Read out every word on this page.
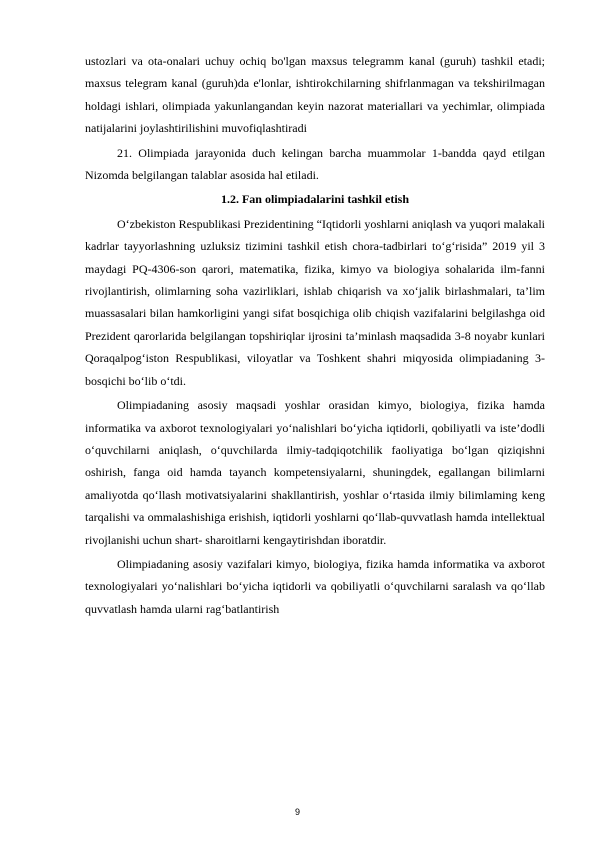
ustozlari va ota-onalari uchuy ochiq bo'lgan maxsus telegramm kanal (guruh) tashkil etadi; maxsus telegram kanal (guruh)da e'lonlar, ishtirokchilarning shifrlanmagan va tekshirilmagan holdagi ishlari, olimpiada yakunlangandan keyin nazorat materiallari va yechimlar, olimpiada natijalarini joylashtirilishini muvofiqlashtiradi

21. Olimpiada jarayonida duch kelingan barcha muammolar 1-bandda qayd etilgan Nizomda belgilangan talablar asosida hal etiladi.

1.2. Fan olimpiadalarini tashkil etish

O‘zbekiston Respublikasi Prezidentining “Iqtidorli yoshlarni aniqlash va yuqori malakali kadrlar tayyorlashning uzluksiz tizimini tashkil etish chora-tadbirlari to‘g‘risida” 2019 yil 3 maydagi PQ-4306-son qarori, matematika, fizika, kimyo va biologiya sohalarida ilm-fanni rivojlantirish, olimlarning soha vazirliklari, ishlab chiqarish va xo‘jalik birlashmalari, ta’lim muassasalari bilan hamkorligini yangi sifat bosqichiga olib chiqish vazifalarini belgilashga oid Prezident qarorlarida belgilangan topshiriqlar ijrosini ta’minlash maqsadida 3-8 noyabr kunlari Qoraqalpog‘iston Respublikasi, viloyatlar va Toshkent shahri miqyosida olimpiadaning 3- bosqichi bo‘lib o‘tdi.

Olimpiadaning asosiy maqsadi yoshlar orasidan kimyo, biologiya, fizika hamda informatika va axborot texnologiyalari yo‘nalishlari bo‘yicha iqtidorli, qobiliyatli va iste’dodli o‘quvchilarni aniqlash, o‘quvchilarda ilmiy-tadqiqotchilik faoliyatiga bo‘lgan qiziqishni oshirish, fanga oid hamda tayanch kompetensiyalarni, shuningdek, egallangan bilimlarni amaliyotda qo‘llash motivatsiyalarini shakllantirish, yoshlar o‘rtasida ilmiy bilimlaming keng tarqalishi va ommalashishiga erishish, iqtidorli yoshlarni qo‘llab-quvvatlash hamda intellektual rivojlanishi uchun shart- sharoitlarni kengaytirishdan iboratdir.

Olimpiadaning asosiy vazifalari kimyo, biologiya, fizika hamda informatika va axborot texnologiyalari yo‘nalishlari bo‘yicha iqtidorli va qobiliyatli o‘quvchilarni saralash va qo‘llab quvvatlash hamda ularni rag‘batlantirish

9
